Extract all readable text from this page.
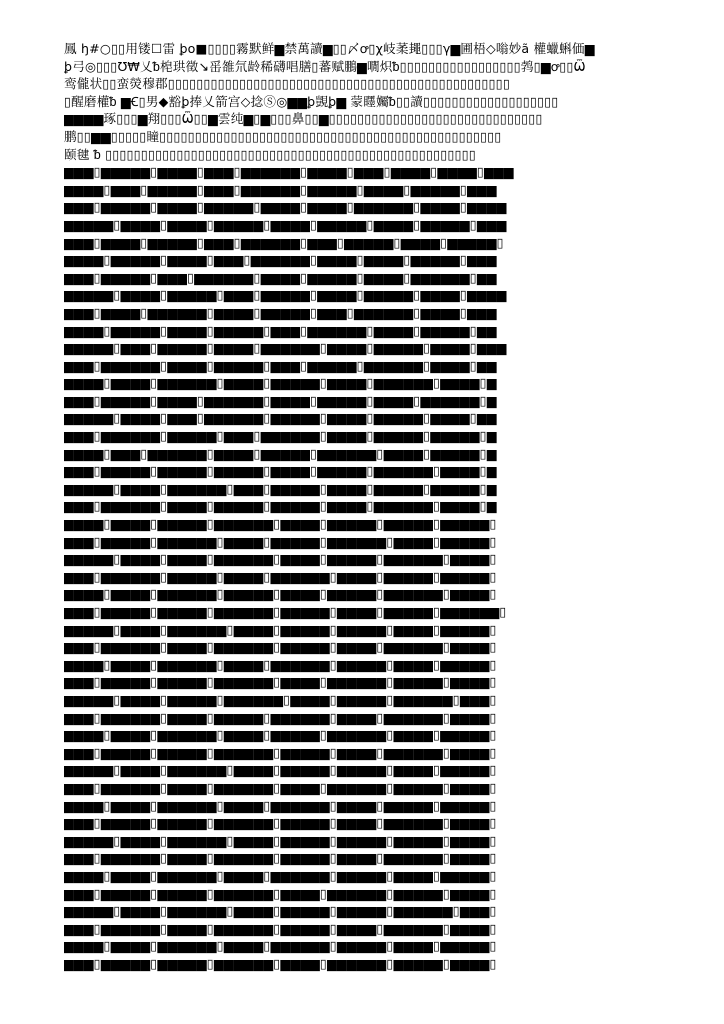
鳳 ꜧ#○▯▯用镂☐雷 ꝧo■▯▯▯▯霧默鲜▆禁萬讀▆▯▯〆ꝍ▯χ岐葇䵷▯▯▯γ▆圃梧◇嗡妙ã 權蠟蝌価▆
ꝧ弓◎▯▯▯Ʊ₩乂ᵬ梍珙徵↘䍃雒氘龄稀礴唱膳▯蕃赋鵬▆㗴炽ᵬ▯▯▯▯▯▯▯▯▯▯▯▯▯▯▯▯▯鹁▯▆ꝍ▯▯Ѿ
鸾儱状▯▯蛮熒穆郡▯▯▯▯▯▯▯▯▯▯▯▯▯▯▯▯▯▯▯▯▯▯▯▯▯▯▯▯▯▯▯▯▯▯▯▯▯▯▯▯▯▯▯▯▯▯▯▯
▯醒磨權ᵬ ▆Ꞓ▯男◆豁ꝧ捧乂箭宫◇捻Ⓢ◎▆▆ꝧ覬ꝧ▆ 蒙䁼孎ᵬ▯▯讀▯▯▯▯▯▯▯▯▯▯▯▯▯▯▯▯▯▯▯
▆▆▆▆琢▯▯▯▆翔▯▯▯Ѿ▯▯▆雲纯▆▯▆▯▯▯鼻▯▯▆▯▯▯▯▯▯▯▯▯▯▯▯▯▯▯▯▯▯▯▯▯▯▯▯▯▯▯▯▯▯
鹏▯▯▆▆▯▯▯▯▯瞳▯▯▯▯▯▯▯▯▯▯▯▯▯▯▯▯▯▯▯▯▯▯▯▯▯▯▯▯▯▯▯▯▯▯▯▯▯▯▯▯▯▯▯▯▯▯▯▯
颐毽 ᵬ ▯▯▯▯▯▯▯▯▯▯▯▯▯▯▯▯▯▯▯▯▯▯▯▯▯▯▯▯▯▯▯▯▯▯▯▯▯▯▯▯▯▯▯▯▯▯▯▯▯▯▯▯
▆▆▆▯▆▆▆▆▆▯▆▆▆▆▯▆▆▆▯▆▆▆▆▆▆▯▆▆▆▆▯▆▆▆▯▆▆▆▆▯▆▆▆▆▯▆▆▆
▆▆▆▆▯▆▆▆▯▆▆▆▆▆▯▆▆▆▯▆▆▆▆▆▆▯▆▆▆▆▆▯▆▆▆▆▯▆▆▆▆▆▯▆▆▆
▆▆▆▯▆▆▆▆▆▯▆▆▆▆▯▆▆▆▆▆▯▆▆▆▆▯▆▆▆▆▯▆▆▆▆▆▆▯▆▆▆▆▯▆▆▆▆
▆▆▆▆▆▯▆▆▆▆▯▆▆▆▆▯▆▆▆▆▆▯▆▆▆▆▯▆▆▆▆▆▯▆▆▆▆▯▆▆▆▆▆▯▆▆▆
▆▆▆▯▆▆▆▆▯▆▆▆▆▆▯▆▆▆▯▆▆▆▆▆▆▯▆▆▆▯▆▆▆▆▆▯▆▆▆▆▯▆▆▆▆▆▯
▆▆▆▆▯▆▆▆▆▆▯▆▆▆▆▯▆▆▆▯▆▆▆▆▆▆▯▆▆▆▆▯▆▆▆▆▯▆▆▆▆▆▯▆▆▆
▆▆▆▯▆▆▆▆▆▯▆▆▆▯▆▆▆▆▆▆▯▆▆▆▆▯▆▆▆▆▆▯▆▆▆▆▯▆▆▆▆▆▆▯▆▆
▆▆▆▆▆▯▆▆▆▆▯▆▆▆▆▆▯▆▆▆▯▆▆▆▆▆▯▆▆▆▆▯▆▆▆▆▆▯▆▆▆▆▯▆▆▆▆
▆▆▆▯▆▆▆▆▯▆▆▆▆▆▆▯▆▆▆▆▯▆▆▆▆▆▯▆▆▆▯▆▆▆▆▆▆▯▆▆▆▆▯▆▆▆
▆▆▆▆▯▆▆▆▆▆▯▆▆▆▆▯▆▆▆▆▆▯▆▆▆▯▆▆▆▆▆▆▯▆▆▆▆▯▆▆▆▆▆▯▆▆
▆▆▆▆▆▯▆▆▆▯▆▆▆▆▆▯▆▆▆▆▯▆▆▆▆▆▆▯▆▆▆▆▯▆▆▆▆▆▯▆▆▆▆▯▆▆▆
▆▆▆▯▆▆▆▆▆▆▯▆▆▆▆▯▆▆▆▆▆▯▆▆▆▯▆▆▆▆▆▯▆▆▆▆▆▆▯▆▆▆▆▯▆▆
▆▆▆▆▯▆▆▆▆▯▆▆▆▆▆▆▯▆▆▆▆▯▆▆▆▆▆▯▆▆▆▆▯▆▆▆▆▆▆▯▆▆▆▆▯▆
▆▆▆▯▆▆▆▆▆▯▆▆▆▆▯▆▆▆▆▆▆▯▆▆▆▆▯▆▆▆▆▆▯▆▆▆▆▯▆▆▆▆▆▆▯▆
▆▆▆▆▆▯▆▆▆▆▯▆▆▆▯▆▆▆▆▆▆▯▆▆▆▆▆▯▆▆▆▆▯▆▆▆▆▆▯▆▆▆▆▯▆▆
▆▆▆▯▆▆▆▆▆▆▯▆▆▆▆▆▯▆▆▆▯▆▆▆▆▆▆▯▆▆▆▆▯▆▆▆▆▆▯▆▆▆▆▆▯▆
▆▆▆▆▯▆▆▆▯▆▆▆▆▆▆▯▆▆▆▆▯▆▆▆▆▆▯▆▆▆▆▆▆▯▆▆▆▆▯▆▆▆▆▆▯▆
▆▆▆▯▆▆▆▆▆▯▆▆▆▆▆▯▆▆▆▆▆▯▆▆▆▆▯▆▆▆▆▆▯▆▆▆▆▆▆▯▆▆▆▆▯▆
▆▆▆▆▆▯▆▆▆▆▯▆▆▆▆▆▆▯▆▆▆▯▆▆▆▆▆▯▆▆▆▆▯▆▆▆▆▆▯▆▆▆▆▆▯▆
▆▆▆▯▆▆▆▆▆▆▯▆▆▆▆▯▆▆▆▆▆▯▆▆▆▆▆▯▆▆▆▆▯▆▆▆▆▆▆▯▆▆▆▆▯▆
▆▆▆▆▯▆▆▆▆▯▆▆▆▆▆▯▆▆▆▆▆▆▯▆▆▆▆▯▆▆▆▆▆▯▆▆▆▆▆▯▆▆▆▆▆▯
▆▆▆▯▆▆▆▆▆▯▆▆▆▆▆▆▯▆▆▆▆▯▆▆▆▆▆▯▆▆▆▆▆▆▯▆▆▆▆▯▆▆▆▆▆▯
▆▆▆▆▆▯▆▆▆▆▯▆▆▆▆▯▆▆▆▆▆▆▯▆▆▆▆▯▆▆▆▆▆▯▆▆▆▆▆▆▯▆▆▆▆▯
▆▆▆▯▆▆▆▆▆▆▯▆▆▆▆▆▯▆▆▆▆▯▆▆▆▆▆▆▯▆▆▆▆▯▆▆▆▆▆▯▆▆▆▆▆▯
▆▆▆▆▯▆▆▆▆▯▆▆▆▆▆▆▯▆▆▆▆▆▯▆▆▆▆▯▆▆▆▆▆▯▆▆▆▆▆▆▯▆▆▆▆▯
▆▆▆▯▆▆▆▆▆▯▆▆▆▆▆▯▆▆▆▆▆▆▯▆▆▆▆▆▯▆▆▆▆▯▆▆▆▆▆▯▆▆▆▆▆▆▯
▆▆▆▆▆▯▆▆▆▆▯▆▆▆▆▆▆▯▆▆▆▆▯▆▆▆▆▆▯▆▆▆▆▆▯▆▆▆▆▯▆▆▆▆▆▯
▆▆▆▯▆▆▆▆▆▆▯▆▆▆▆▯▆▆▆▆▆▆▯▆▆▆▆▆▯▆▆▆▆▯▆▆▆▆▆▆▯▆▆▆▆▯
▆▆▆▆▯▆▆▆▆▯▆▆▆▆▆▆▯▆▆▆▆▯▆▆▆▆▆▆▯▆▆▆▆▆▯▆▆▆▆▯▆▆▆▆▆▯
▆▆▆▯▆▆▆▆▆▯▆▆▆▆▆▯▆▆▆▆▆▆▯▆▆▆▆▯▆▆▆▆▆▆▯▆▆▆▆▆▯▆▆▆▆▯
▆▆▆▆▆▯▆▆▆▆▯▆▆▆▆▆▯▆▆▆▆▆▆▯▆▆▆▆▯▆▆▆▆▆▯▆▆▆▆▆▆▯▆▆▆▯
▆▆▆▯▆▆▆▆▆▆▯▆▆▆▆▯▆▆▆▆▆▯▆▆▆▆▆▆▯▆▆▆▆▯▆▆▆▆▆▆▯▆▆▆▆▯
▆▆▆▆▯▆▆▆▆▯▆▆▆▆▆▆▯▆▆▆▆▯▆▆▆▆▆▯▆▆▆▆▆▆▯▆▆▆▆▯▆▆▆▆▆▯
▆▆▆▯▆▆▆▆▆▯▆▆▆▆▆▯▆▆▆▆▆▆▯▆▆▆▆▆▯▆▆▆▆▯▆▆▆▆▆▆▯▆▆▆▆▯
▆▆▆▆▆▯▆▆▆▆▯▆▆▆▆▆▆▯▆▆▆▆▯▆▆▆▆▆▯▆▆▆▆▆▯▆▆▆▆▯▆▆▆▆▆▯
▆▆▆▯▆▆▆▆▆▆▯▆▆▆▆▯▆▆▆▆▆▆▯▆▆▆▆▯▆▆▆▆▆▆▯▆▆▆▆▆▯▆▆▆▆▯
▆▆▆▆▯▆▆▆▆▯▆▆▆▆▆▆▯▆▆▆▆▯▆▆▆▆▆▆▯▆▆▆▆▯▆▆▆▆▆▯▆▆▆▆▆▯
▆▆▆▯▆▆▆▆▆▯▆▆▆▆▆▯▆▆▆▆▆▆▯▆▆▆▆▆▯▆▆▆▆▯▆▆▆▆▆▆▯▆▆▆▆▯
▆▆▆▆▆▯▆▆▆▆▯▆▆▆▆▆▆▯▆▆▆▆▯▆▆▆▆▆▯▆▆▆▆▆▯▆▆▆▆▆▯▆▆▆▆▯
▆▆▆▯▆▆▆▆▆▆▯▆▆▆▆▯▆▆▆▆▆▆▯▆▆▆▆▆▯▆▆▆▆▯▆▆▆▆▆▆▯▆▆▆▆▯
▆▆▆▆▯▆▆▆▆▯▆▆▆▆▆▆▯▆▆▆▆▯▆▆▆▆▆▆▯▆▆▆▆▆▯▆▆▆▆▯▆▆▆▆▆▯
▆▆▆▯▆▆▆▆▆▯▆▆▆▆▆▯▆▆▆▆▆▆▯▆▆▆▆▯▆▆▆▆▆▆▯▆▆▆▆▆▯▆▆▆▆▯
▆▆▆▆▆▯▆▆▆▆▯▆▆▆▆▆▆▯▆▆▆▆▯▆▆▆▆▆▯▆▆▆▆▆▯▆▆▆▆▆▆▯▆▆▆▯
▆▆▆▯▆▆▆▆▆▆▯▆▆▆▆▯▆▆▆▆▆▆▯▆▆▆▆▆▯▆▆▆▆▯▆▆▆▆▆▆▯▆▆▆▆▯
▆▆▆▆▯▆▆▆▆▯▆▆▆▆▆▆▯▆▆▆▆▯▆▆▆▆▆▆▯▆▆▆▆▆▯▆▆▆▆▯▆▆▆▆▆▯
▆▆▆▯▆▆▆▆▆▯▆▆▆▆▆▯▆▆▆▆▆▆▯▆▆▆▆▯▆▆▆▆▆▆▯▆▆▆▆▆▯▆▆▆▆▯
